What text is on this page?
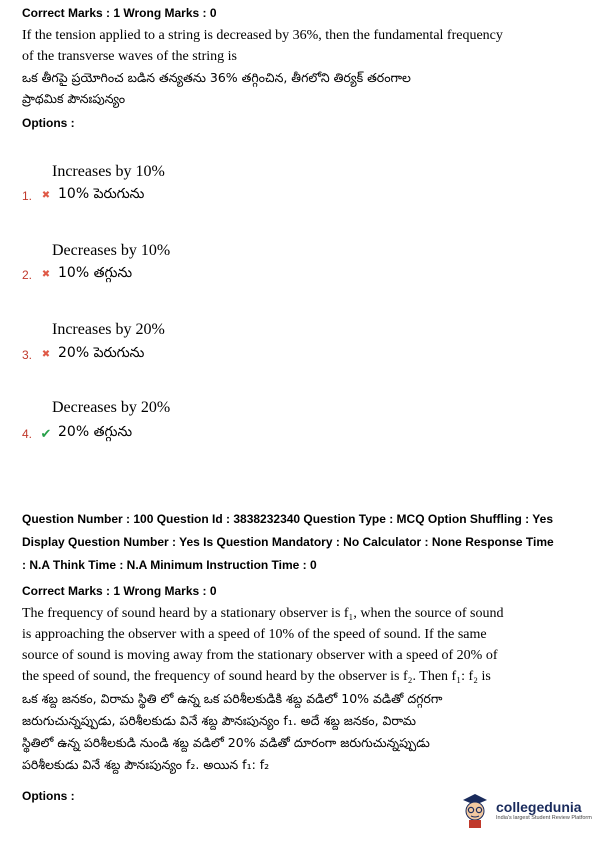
Correct Marks : 1 Wrong Marks : 0
If the tension applied to a string is decreased by 36%, then the fundamental frequency
of the transverse waves of the string is
ఒక తీగపై ప్రయోగించ బడిన తన్యతను 36% తగ్గించిన, తీగలోని తిర్యక్ తరంగాల
ప్రాథమిక పౌనఃపున్యం
Options :
Increases by 10%
1. ✖ 10% పెరుగును
Decreases by 10%
2. ✖ 10% తగ్గును
Increases by 20%
3. ✖ 20% పెరుగును
Decreases by 20%
4. ✔ 20% తగ్గును
Question Number : 100 Question Id : 3838232340 Question Type : MCQ Option Shuffling : Yes
Display Question Number : Yes Is Question Mandatory : No Calculator : None Response Time
: N.A Think Time : N.A Minimum Instruction Time : 0
Correct Marks : 1 Wrong Marks : 0
The frequency of sound heard by a stationary observer is f₁, when the source of sound
is approaching the observer with a speed of 10% of the speed of sound. If the same
source of sound is moving away from the stationary observer with a speed of 20% of
the speed of sound, the frequency of sound heard by the observer is f₂. Then f₁: f₂ is
ఒక శబ్ద జనకం, విరామ స్థితి లో ఉన్న ఒక పరిశీలకుడికి శబ్ద వడిలో 10% వడితో దగ్గరగా
జరుగుచున్నప్పుడు, పరిశీలకుడు వినే శబ్ద పౌనఃపున్యం f₁. అదే శబ్ద జనకం, విరామ
స్థితిలో ఉన్న పరిశీలకుడి నుండి శబ్ద వడిలో 20% వడితో దూరంగా జరుగుచున్నప్పుడు
పరిశీలకుడు వినే శబ్ద పౌనఃపున్యం f₂. అయిన f₁: f₂
Options :
collegedunia
India's largest Student Review Platform
